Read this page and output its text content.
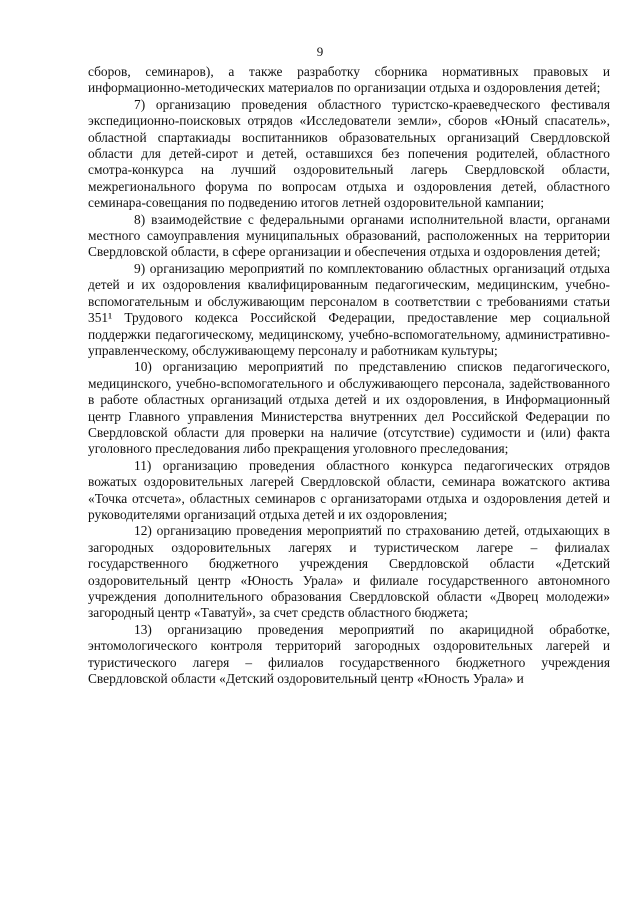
9

сборов, семинаров), а также разработку сборника нормативных правовых и информационно-методических материалов по организации отдыха и оздоровления детей;

7) организацию проведения областного туристско-краеведческого фестиваля экспедиционно-поисковых отрядов «Исследователи земли», сборов «Юный спасатель», областной спартакиады воспитанников образовательных организаций Свердловской области для детей-сирот и детей, оставшихся без попечения родителей, областного смотра-конкурса на лучший оздоровительный лагерь Свердловской области, межрегионального форума по вопросам отдыха и оздоровления детей, областного семинара-совещания по подведению итогов летней оздоровительной кампании;

8) взаимодействие с федеральными органами исполнительной власти, органами местного самоуправления муниципальных образований, расположенных на территории Свердловской области, в сфере организации и обеспечения отдыха и оздоровления детей;

9) организацию мероприятий по комплектованию областных организаций отдыха детей и их оздоровления квалифицированным педагогическим, медицинским, учебно-вспомогательным и обслуживающим персоналом в соответствии с требованиями статьи 351¹ Трудового кодекса Российской Федерации, предоставление мер социальной поддержки педагогическому, медицинскому, учебно-вспомогательному, административно-управленческому, обслуживающему персоналу и работникам культуры;

10) организацию мероприятий по представлению списков педагогического, медицинского, учебно-вспомогательного и обслуживающего персонала, задействованного в работе областных организаций отдыха детей и их оздоровления, в Информационный центр Главного управления Министерства внутренних дел Российской Федерации по Свердловской области для проверки на наличие (отсутствие) судимости и (или) факта уголовного преследования либо прекращения уголовного преследования;

11) организацию проведения областного конкурса педагогических отрядов вожатых оздоровительных лагерей Свердловской области, семинара вожатского актива «Точка отсчета», областных семинаров с организаторами отдыха и оздоровления детей и руководителями организаций отдыха детей и их оздоровления;

12) организацию проведения мероприятий по страхованию детей, отдыхающих в загородных оздоровительных лагерях и туристическом лагере – филиалах государственного бюджетного учреждения Свердловской области «Детский оздоровительный центр «Юность Урала» и филиале государственного автономного учреждения дополнительного образования Свердловской области «Дворец молодежи» загородный центр «Таватуй», за счет средств областного бюджета;

13) организацию проведения мероприятий по акарицидной обработке, энтомологического контроля территорий загородных оздоровительных лагерей и туристического лагеря – филиалов государственного бюджетного учреждения Свердловской области «Детский оздоровительный центр «Юность Урала» и
